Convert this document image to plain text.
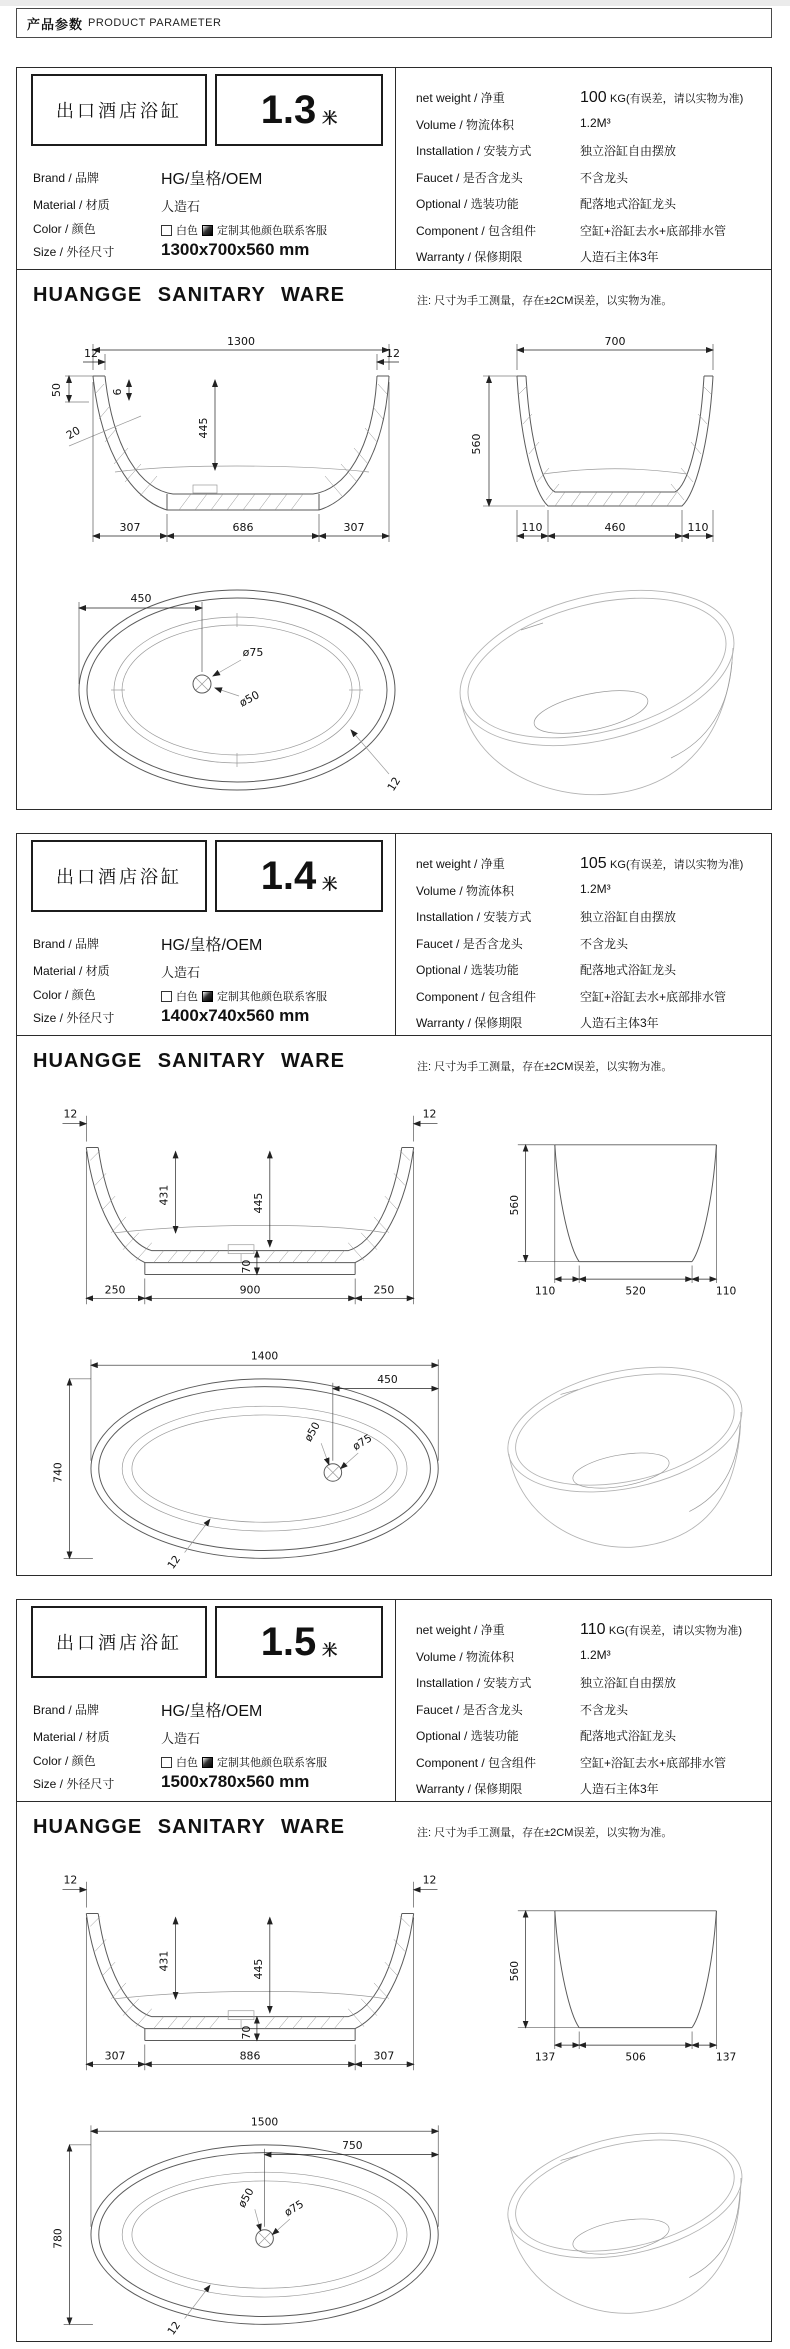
产品参数 PRODUCT PARAMETER
出口酒店浴缸 1.3 米
Brand / 品牌	HG/皇格/OEM
Material / 材质	人造石
Color / 颜色	白色 定制其他颜色联系客服
Size / 外径尺寸	1300x700x560 mm
net weight / 净重	100 KG(有误差，请以实物为准)
Volume / 物流体积	1.2M³
Installation / 安装方式	独立浴缸自由摆放
Faucet / 是否含龙头	不含龙头
Optional / 选装功能	配落地式浴缸龙头
Component / 包含组件	空缸+浴缸去水+底部排水管
Warranty / 保修期限	人造石主体3年
HUANGGE SANITARY WARE	注: 尺寸为手工测量，存在±2CM误差，以实物为准。
1300
12	12
50	6
445
20
307	686	307
700
560
110	460	110
450
ø75
ø50
12
出口酒店浴缸 1.4 米
Brand / 品牌	HG/皇格/OEM
Material / 材质	人造石
Color / 颜色	白色 定制其他颜色联系客服
Size / 外径尺寸	1400x740x560 mm
net weight / 净重	105 KG(有误差，请以实物为准)
Volume / 物流体积	1.2M³
Installation / 安装方式	独立浴缸自由摆放
Faucet / 是否含龙头	不含龙头
Optional / 选装功能	配落地式浴缸龙头
Component / 包含组件	空缸+浴缸去水+底部排水管
Warranty / 保修期限	人造石主体3年
HUANGGE SANITARY WARE	注: 尺寸为手工测量，存在±2CM误差，以实物为准。
12	12
431	445
70
250	900	250
560
110	520	110
1400
450
740
ø50 ø75
12
出口酒店浴缸 1.5 米
Brand / 品牌	HG/皇格/OEM
Material / 材质	人造石
Color / 颜色	白色 定制其他颜色联系客服
Size / 外径尺寸	1500x780x560 mm
net weight / 净重	110 KG(有误差，请以实物为准)
Volume / 物流体积	1.2M³
Installation / 安装方式	独立浴缸自由摆放
Faucet / 是否含龙头	不含龙头
Optional / 选装功能	配落地式浴缸龙头
Component / 包含组件	空缸+浴缸去水+底部排水管
Warranty / 保修期限	人造石主体3年
HUANGGE SANITARY WARE	注: 尺寸为手工测量，存在±2CM误差，以实物为准。
12	12
431	445
70
307	886	307
560
137	506	137
1500
750
780
ø50 ø75
12
